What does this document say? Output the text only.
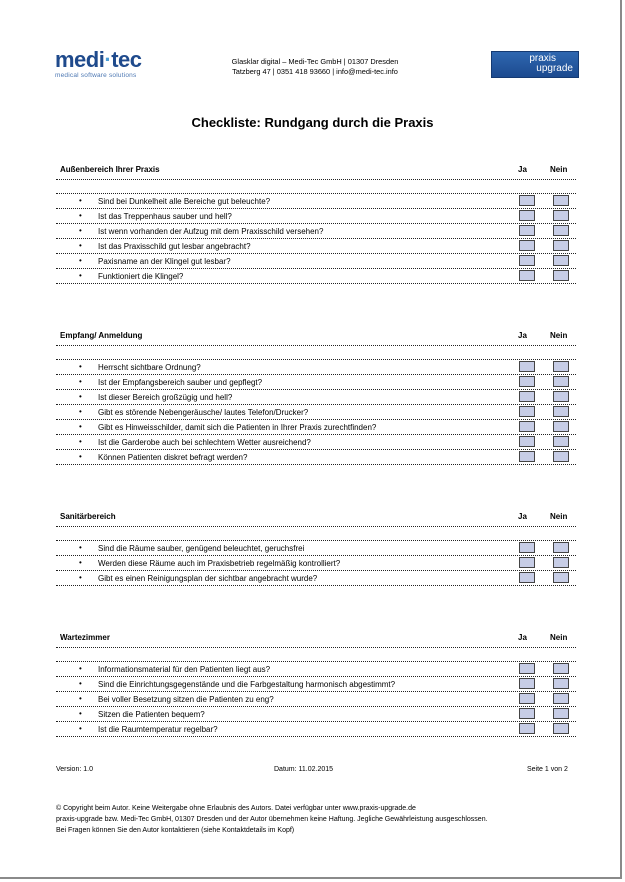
medi·tec
medical software solutions
Glasklar digital – Medi-Tec GmbH | 01307 Dresden
Tatzberg 47 | 0351 418 93660 | info@medi-tec.info
praxis
upgrade
Checkliste: Rundgang durch die Praxis
Außenbereich Ihrer Praxis	Ja	Nein
• Sind bei Dunkelheit alle Bereiche gut beleuchte?
• Ist das Treppenhaus sauber und hell?
• Ist wenn vorhanden der Aufzug mit dem Praxisschild versehen?
• Ist das Praxisschild gut lesbar angebracht?
• Paxisname an der Klingel gut lesbar?
• Funktioniert die Klingel?
Empfang/ Anmeldung	Ja	Nein
• Herrscht sichtbare Ordnung?
• Ist der Empfangsbereich sauber und gepflegt?
• Ist dieser Bereich großzügig und hell?
• Gibt es störende Nebengeräusche/ lautes Telefon/Drucker?
• Gibt es Hinweisschilder, damit sich die Patienten in Ihrer Praxis zurechtfinden?
• Ist die Garderobe auch bei schlechtem Wetter ausreichend?
• Können Patienten diskret befragt werden?
Sanitärbereich	Ja	Nein
• Sind die Räume sauber, genügend beleuchtet, geruchsfrei
• Werden diese Räume auch im Praxisbetrieb regelmäßig kontrolliert?
• Gibt es einen Reinigungsplan der sichtbar angebracht wurde?
Wartezimmer	Ja	Nein
• Informationsmaterial für den Patienten liegt aus?
• Sind die Einrichtungsgegenstände und die Farbgestaltung harmonisch abgestimmt?
• Bei voller Besetzung sitzen die Patienten zu eng?
• Sitzen die Patienten bequem?
• Ist die Raumtemperatur regelbar?
Version: 1.0	Datum: 11.02.2015	Seite 1 von 2
© Copyright beim Autor. Keine Weitergabe ohne Erlaubnis des Autors. Datei verfügbar unter www.praxis-upgrade.de
praxis-upgrade bzw. Medi-Tec GmbH, 01307 Dresden und der Autor übernehmen keine Haftung. Jegliche Gewährleistung ausgeschlossen.
Bei Fragen können Sie den Autor kontaktieren (siehe Kontaktdetails im Kopf)
